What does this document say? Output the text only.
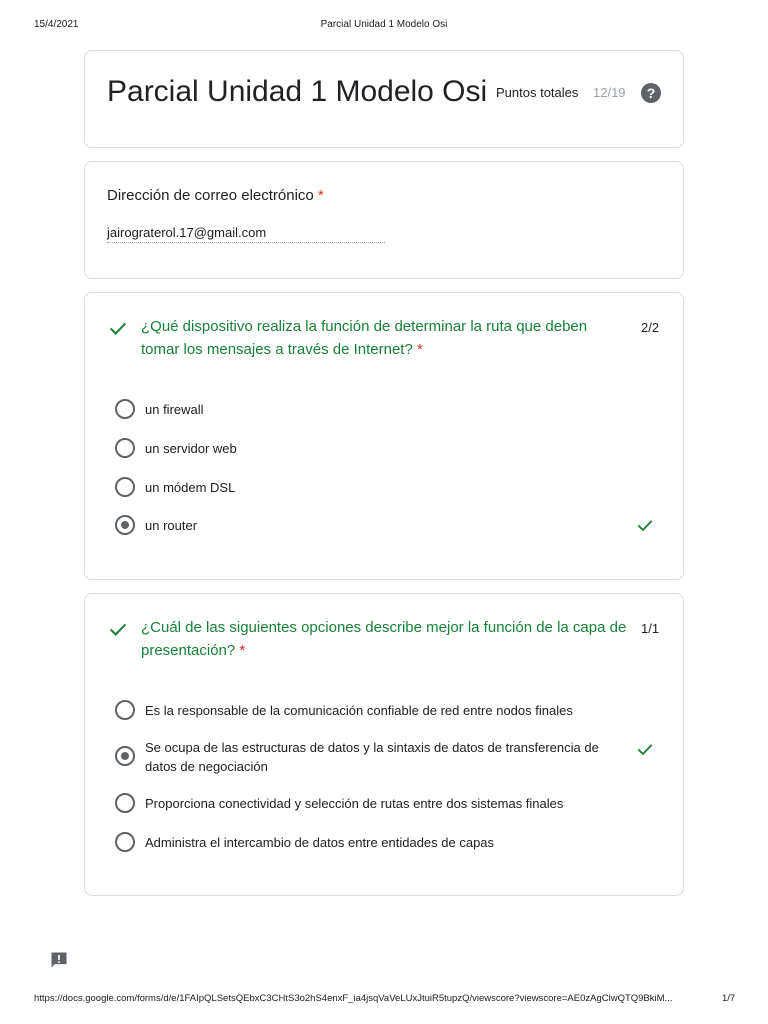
15/4/2021	Parcial Unidad 1 Modelo Osi
Parcial Unidad 1 Modelo Osi Puntos totales 12/19	?
Dirección de correo electrónico *
jairograterol.17@gmail.com
¿Qué dispositivo realiza la función de determinar la ruta que deben
tomar los mensajes a través de Internet? *
2/2
un firewall
un servidor web
un módem DSL
un router
¿Cuál de las siguientes opciones describe mejor la función de la capa de
presentación? *
1/1
Es la responsable de la comunicación confiable de red entre nodos finales
Se ocupa de las estructuras de datos y la sintaxis de datos de transferencia de datos de negociación
Proporciona conectividad y selección de rutas entre dos sistemas finales
Administra el intercambio de datos entre entidades de capas
https://docs.google.com/forms/d/e/1FAIpQLSetsQEbxC3CHtS3o2hS4enxF_ia4jsqVaVeLUxJtuiR5tupzQ/viewscore?viewscore=AE0zAgClwQTQ9BkiM...	1/7
